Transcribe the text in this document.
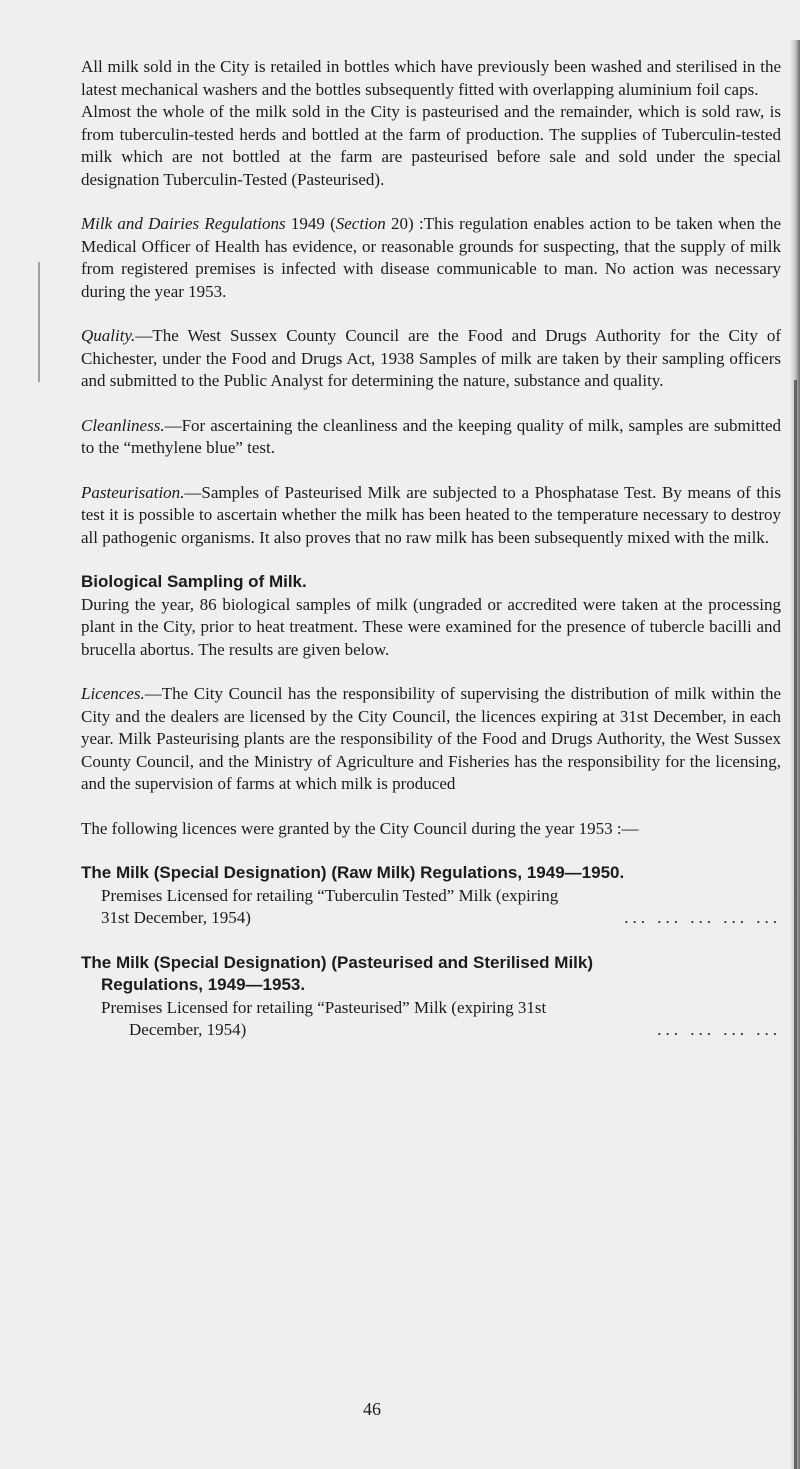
All milk sold in the City is retailed in bottles which have previously been washed and sterilised in the latest mechanical washers and the bottles subsequently fitted with overlapping aluminium foil caps.

Almost the whole of the milk sold in the City is pasteurised and the remainder, which is sold raw, is from tuberculin-tested herds and bottled at the farm of production. The supplies of Tuberculin-tested milk which are not bottled at the farm are pasteurised before sale and sold under the special designation Tuberculin-Tested (Pasteurised).

Milk and Dairies Regulations 1949 (Section 20) :This regulation enables action to be taken when the Medical Officer of Health has evidence, or reasonable grounds for suspecting, that the supply of milk from registered premises is infected with disease communicable to man. No action was necessary during the year 1953.

Quality.—The West Sussex County Council are the Food and Drugs Authority for the City of Chichester, under the Food and Drugs Act, 1938 Samples of milk are taken by their sampling officers and submitted to the Public Analyst for determining the nature, substance and quality.

Cleanliness.—For ascertaining the cleanliness and the keeping quality of milk, samples are submitted to the “methylene blue” test.

Pasteurisation.—Samples of Pasteurised Milk are subjected to a Phosphatase Test. By means of this test it is possible to ascertain whether the milk has been heated to the temperature necessary to destroy all pathogenic organisms. It also proves that no raw milk has been subsequently mixed with the milk.

Biological Sampling of Milk.

During the year, 86 biological samples of milk (ungraded or accredited were taken at the processing plant in the City, prior to heat treatment. These were examined for the presence of tubercle bacilli and brucella abortus. The results are given below.

Licences.—The City Council has the responsibility of supervising the distribution of milk within the City and the dealers are licensed by the City Council, the licences expiring at 31st December, in each year. Milk Pasteurising plants are the responsibility of the Food and Drugs Authority, the West Sussex County Council, and the Ministry of Agriculture and Fisheries has the responsibility for the licensing, and the supervision of farms at which milk is produced

The following licences were granted by the City Council during the year 1953 :—

The Milk (Special Designation) (Raw Milk) Regulations, 1949—1950.

Premises Licensed for retailing “Tuberculin Tested” Milk (expiring

31st December, 1954)	... ... ... ... ...

The Milk (Special Designation) (Pasteurised and Sterilised Milk)

Regulations, 1949—1953.

Premises Licensed for retailing “Pasteurised” Milk (expiring 31st

December, 1954)	... ... ... ...

46
